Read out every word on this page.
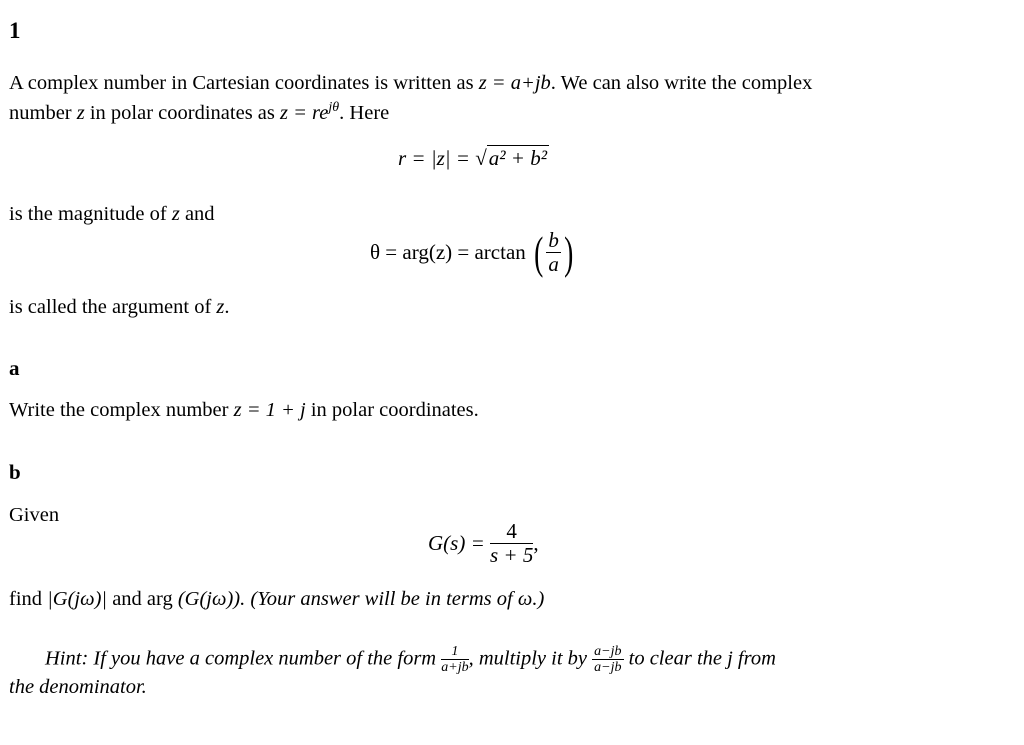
1
A complex number in Cartesian coordinates is written as z = a+jb. We can also write the complex
number z in polar coordinates as $z = re^{j\theta}$. Here
r = |z| = √a² + b²
is the magnitude of z and
θ = arg(z) = arctan ( $\frac{b}{a}$ )
is called the argument of z.
a
Write the complex number z = 1 + j in polar coordinates.
b
Given
$G(s) = \frac{4}{s + 5}$ ,
find |G(jω)| and arg (G(jω)). (Your answer will be in terms of ω.)
Hint: If you have a complex number of the form $\frac{1}{a+jb}$ , multiply it by $\frac{a-jb}{a-jb}$ to clear the j from
the denominator.
